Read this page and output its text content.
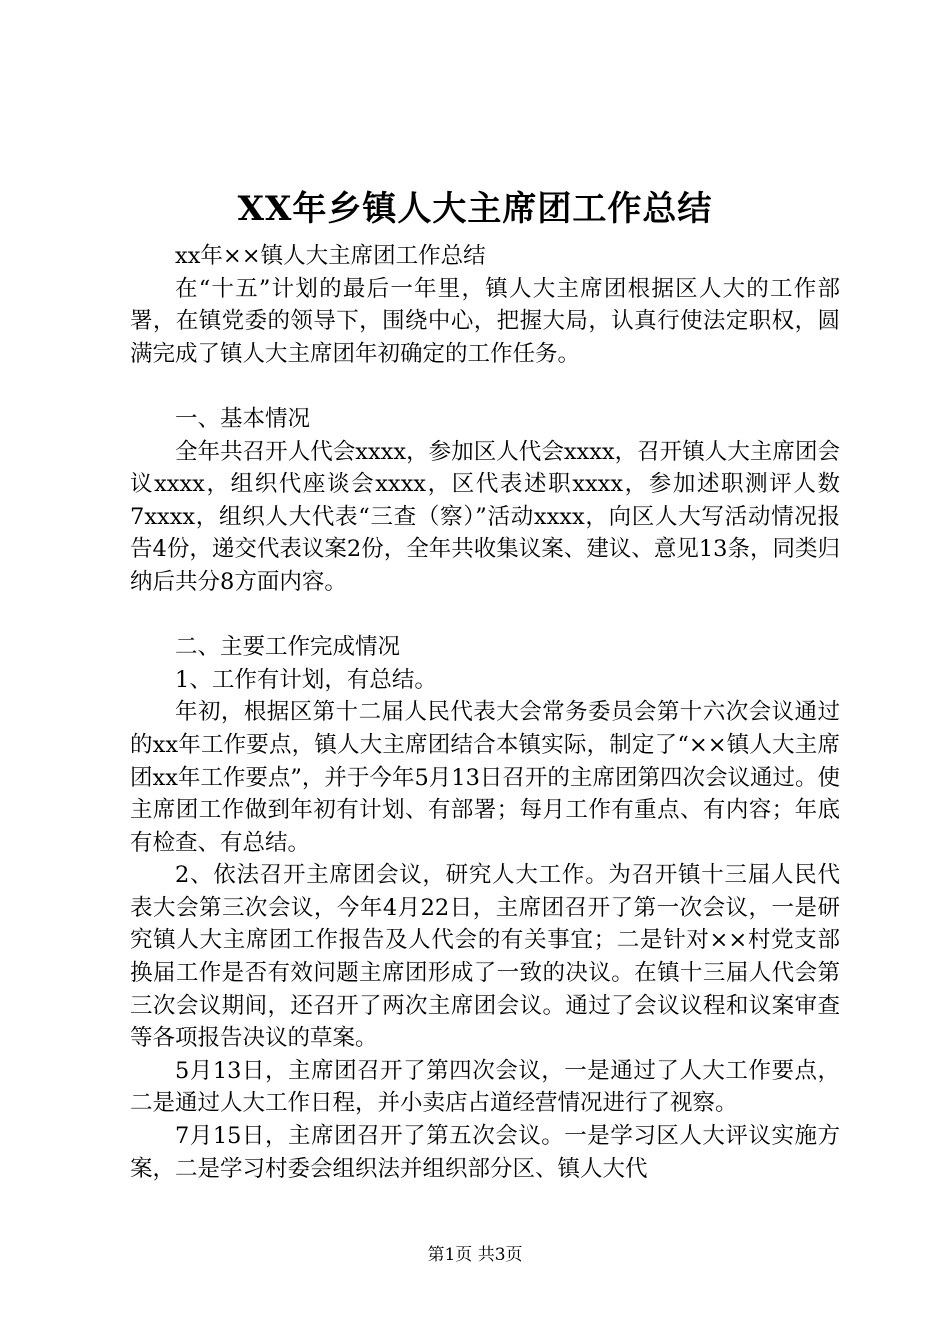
XX年乡镇人大主席团工作总结

xx年××镇人大主席团工作总结

在“十五”计划的最后一年里，镇人大主席团根据区人大的工作部署，在镇党委的领导下，围绕中心，把握大局，认真行使法定职权，圆满完成了镇人大主席团年初确定的工作任务。

一、基本情况

全年共召开人代会xxxx，参加区人代会xxxx，召开镇人大主席团会议xxxx，组织代座谈会xxxx，区代表述职xxxx，参加述职测评人数7xxxx，组织人大代表“三查（察）”活动xxxx，向区人大写活动情况报告4份，递交代表议案2份，全年共收集议案、建议、意见13条，同类归纳后共分8方面内容。

二、主要工作完成情况

1、工作有计划，有总结。

年初，根据区第十二届人民代表大会常务委员会第十六次会议通过的xx年工作要点，镇人大主席团结合本镇实际，制定了“××镇人大主席团xx年工作要点”，并于今年5月13日召开的主席团第四次会议通过。使主席团工作做到年初有计划、有部署；每月工作有重点、有内容；年底有检查、有总结。

2、依法召开主席团会议，研究人大工作。为召开镇十三届人民代表大会第三次会议，今年4月22日，主席团召开了第一次会议，一是研究镇人大主席团工作报告及人代会的有关事宜；二是针对××村党支部换届工作是否有效问题主席团形成了一致的决议。在镇十三届人代会第三次会议期间，还召开了两次主席团会议。通过了会议议程和议案审查等各项报告决议的草案。

5月13日，主席团召开了第四次会议，一是通过了人大工作要点，二是通过人大工作日程，并小卖店占道经营情况进行了视察。

7月15日，主席团召开了第五次会议。一是学习区人大评议实施方案，二是学习村委会组织法并组织部分区、镇人大代

第1页 共3页
